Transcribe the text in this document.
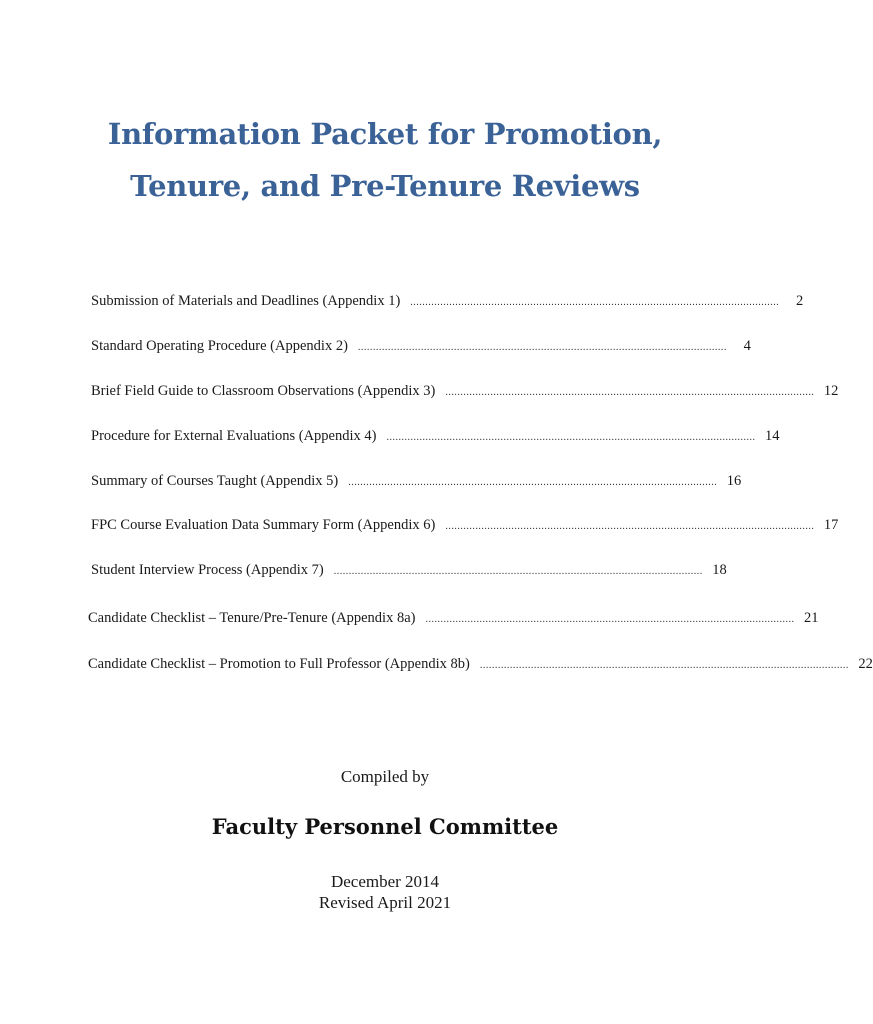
Information Packet for Promotion,
Tenure, and Pre-Tenure Reviews
Submission of Materials and Deadlines (Appendix 1) ...........................................................................................................................	2
Standard Operating Procedure (Appendix 2) ...........................................................................................................................	4
Brief Field Guide to Classroom Observations (Appendix 3) ........................................................................................................................... 12
Procedure for External Evaluations (Appendix 4) ........................................................................................................................... 14
Summary of Courses Taught (Appendix 5) ........................................................................................................................... 16
FPC Course Evaluation Data Summary Form (Appendix 6) ........................................................................................................................... 17
Student Interview Process (Appendix 7) ........................................................................................................................... 18
Candidate Checklist – Tenure/Pre-Tenure (Appendix 8a) ........................................................................................................................... 21
Candidate Checklist – Promotion to Full Professor (Appendix 8b) ........................................................................................................................... 22
Compiled by
Faculty Personnel Committee
December 2014
Revised April 2021
